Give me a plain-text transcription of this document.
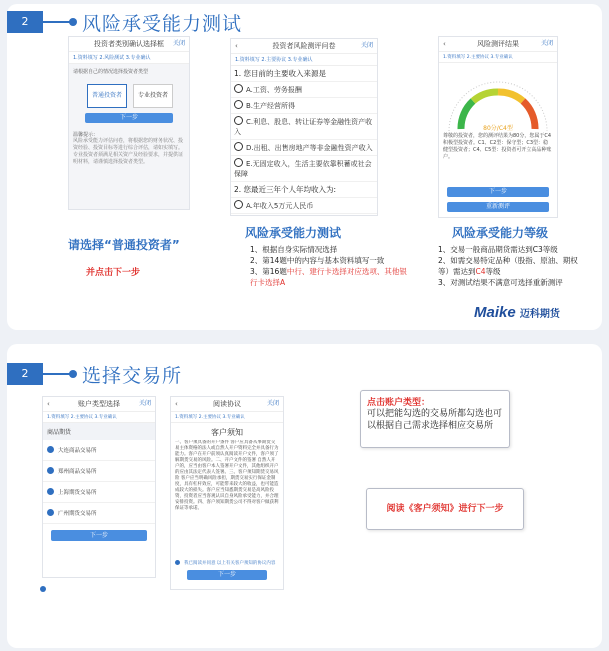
2	风险承受能力测试
投资者类别确认选择框 关闭
1.资料填写 2.风险测试 3.专业确认
请根据自己的情况选择投资者类型
普通投资者	专业投资者
下一步
温馨提示：
风险承受能力评估问卷，将根据您的财务状况、投资经验、投资目标等进行综合评估，请如实填写。专业投资者须满足相关资产及经验要求，并提供证明材料，请谨慎选择投资者类型。
‹	投资者风险测评问卷	关闭
1.资料填写 2.主要协议 3.专业确认
1. 您目前的主要收入来源是
A.工资、劳务报酬
B.生产经营所得
C.利息、股息、转让证券等金融性资产收入
D.出租、出售房地产等非金融性资产收入
E.无固定收入，生活主要依靠积蓄或社会保障
2. 您最近三年个人年均收入为:
A.年收入5万元人民币
‹	风险测评结果	关闭
1.资料填写 2.主要协议 3.专业确认
80分/C4型
尊敬的投资者，您的测评结果为80分，您属于C4积极型投资者。C1、C2型：保守型；C3型：稳健型投资者；C4、C5型：投资者可开立高品种账户。
下一步
重新测评
请选择“普通投资者”
并点击下一步
风险承受能力测试
1、根据自身实际情况选择
2、第14题中的内容与基本资料填写一致
3、第16题中行、建行卡选择对应选项、其他银行卡选择A
风险承受能力等级
1、交易一般商品期货需达到C3等级
2、如需交易特定品种（股指、原油、期权等）需达到C4等级
3、对测试结果不满意可选择重新测评
Maike 迈科期货
2	选择交易所
‹	账户类型选择	关闭
1.资料填写 2.主要协议 3.专业确认
商品期货
大连商品交易所
郑州商品交易所
上海期货交易所
广州期货交易所
下一步
‹	阅读协议	关闭
1.资料填写 2.主要协议 3.专业确认
客户须知
一、客户须具备的开户条件 客户应具备从事期货交易主体资格的法人或自然人开户资料完全并具备行为能力。客户在开户前须认真阅读开户文件，客户须了解期货交易的风险。二、开户文件的签署 自然人开户的，应当由客户本人签署开户文件，其他组织开户的应由其法定代表人签署。三、客户须知期货交易风险 客户应当明确风险承担，期货交易实行保证金制度，具有杠杆效应，可能带来较大的收益，也可能造成较大的损失。客户应当知悉期货交易是高风险投资，投资者应当客观认识自身风险承受能力，并合理安排投资。四、客户须知期货公司不得对客户做获利保证等承诺。
我已阅读并同意 以上有关客户须知的协议内容
下一步
点击账户类型：
可以把能勾选的交易所都勾选也可以根据自己需求选择相应交易所
阅读《客户须知》进行下一步
